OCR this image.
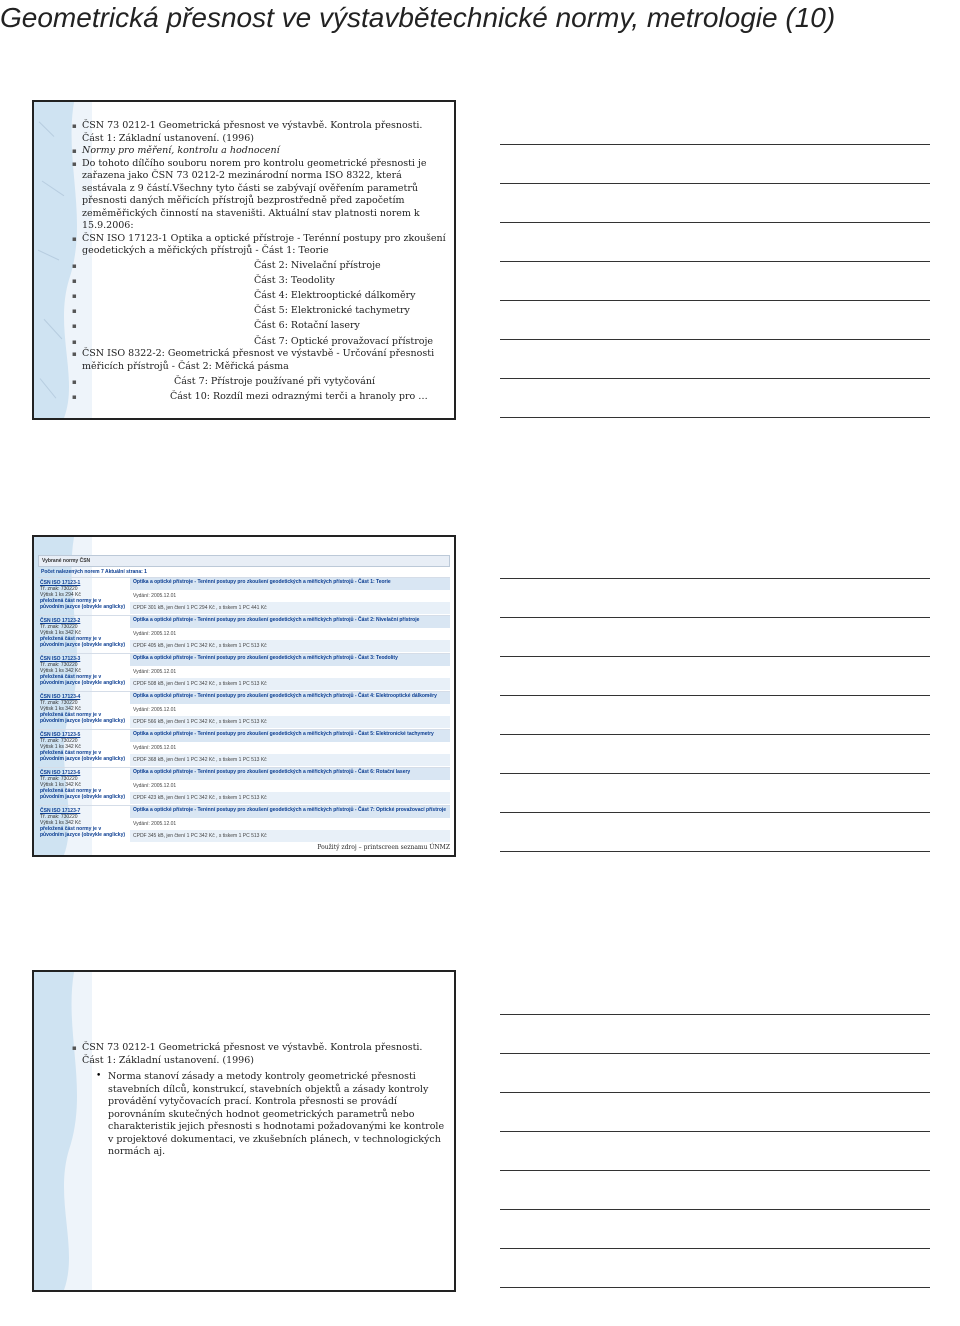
Geometrická přesnost ve výstavbětechnické normy, metrologie (10)
▪ ČSN 73 0212-1 Geometrická přesnost ve výstavbě. Kontrola přesnosti. Část 1: Základní ustanovení. (1996)
▪ Normy pro měření, kontrolu a hodnocení
▪ Do tohoto dílčího souboru norem pro kontrolu geometrické přesnosti je zařazena jako ČSN 73 0212-2 mezinárodní norma ISO 8322, která sestávala z 9 částí.Všechny tyto části se zabývají ověřením parametrů přesnosti daných měřicích přístrojů bezprostředně před započetím zeměměřických činností na staveništi. Aktuální stav platnosti norem k 15.9.2006:
▪ ČSN ISO 17123-1 Optika a optické přístroje - Terénní postupy pro zkoušení geodetických a měřických přístrojů - Část 1: Teorie
▪ Část 2: Nivelační přístroje
▪ Část 3: Teodolity
▪ Část 4: Elektrooptické dálkoměry
▪ Část 5: Elektronické tachymetry
▪ Část 6: Rotační lasery
▪ Část 7: Optické provažovací přístroje
▪ ČSN ISO 8322-2: Geometrická přesnost ve výstavbě - Určování přesnosti měřicích přístrojů - Část 2: Měřická pásma
▪ Část 7: Přístroje používané při vytyčování
▪ Část 10: Rozdíl mezi odraznými terči a hranoly pro …
Vybrané normy ČSN
Počet nalezených norem 7 Aktuální strana: 1
ČSN ISO 17123-1
Tř. znak: 730220
Výtisk 1 ks 294 Kč
přeložená část normy je v původním jazyce (obvykle anglicky)
Optika a optické přístroje - Terénní postupy pro zkoušení geodetických a měřických přístrojů - Část 1: Teorie
Vydání: 2005.12.01
CPDF 301 kB, jen čtení 1 PC 294 Kč , s tiskem 1 PC 441 Kč
ČSN ISO 17123-2
Tř. znak: 730220
Výtisk 1 ks 342 Kč
přeložená část normy je v původním jazyce (obvykle anglicky)
Optika a optické přístroje - Terénní postupy pro zkoušení geodetických a měřických přístrojů - Část 2: Nivelační přístroje
Vydání: 2005.12.01
CPDF 405 kB, jen čtení 1 PC 342 Kč , s tiskem 1 PC 513 Kč
ČSN ISO 17123-3
Tř. znak: 730220
Výtisk 1 ks 342 Kč
přeložená část normy je v původním jazyce (obvykle anglicky)
Optika a optické přístroje - Terénní postupy pro zkoušení geodetických a měřických přístrojů - Část 3: Teodolity
Vydání: 2005.12.01
CPDF 508 kB, jen čtení 1 PC 342 Kč , s tiskem 1 PC 513 Kč
ČSN ISO 17123-4
Tř. znak: 730220
Výtisk 1 ks 342 Kč
přeložená část normy je v původním jazyce (obvykle anglicky)
Optika a optické přístroje - Terénní postupy pro zkoušení geodetických a měřických přístrojů - Část 4: Elektrooptické dálkoměry
Vydání: 2005.12.01
CPDF 566 kB, jen čtení 1 PC 342 Kč , s tiskem 1 PC 513 Kč
ČSN ISO 17123-5
Tř. znak: 730220
Výtisk 1 ks 342 Kč
přeložená část normy je v původním jazyce (obvykle anglicky)
Optika a optické přístroje - Terénní postupy pro zkoušení geodetických a měřických přístrojů - Část 5: Elektronické tachymetry
Vydání: 2005.12.01
CPDF 368 kB, jen čtení 1 PC 342 Kč , s tiskem 1 PC 513 Kč
ČSN ISO 17123-6
Tř. znak: 730220
Výtisk 1 ks 342 Kč
přeložená část normy je v původním jazyce (obvykle anglicky)
Optika a optické přístroje - Terénní postupy pro zkoušení geodetických a měřických přístrojů - Část 6: Rotační lasery
Vydání: 2005.12.01
CPDF 423 kB, jen čtení 1 PC 342 Kč , s tiskem 1 PC 513 Kč
ČSN ISO 17123-7
Tř. znak: 730220
Výtisk 1 ks 342 Kč
přeložená část normy je v původním jazyce (obvykle anglicky)
Optika a optické přístroje - Terénní postupy pro zkoušení geodetických a měřických přístrojů - Část 7: Optické provažovací přístroje
Vydání: 2005.12.01
CPDF 345 kB, jen čtení 1 PC 342 Kč , s tiskem 1 PC 513 Kč
Použitý zdroj – printscreen seznamu ÚNMZ
▪ ČSN 73 0212-1 Geometrická přesnost ve výstavbě. Kontrola přesnosti. Část 1: Základní ustanovení. (1996)
• Norma stanoví zásady a metody kontroly geometrické přesnosti stavebních dílců, konstrukcí, stavebních objektů a zásady kontroly provádění vytyčovacích prací. Kontrola přesnosti se provádí porovnáním skutečných hodnot geometrických parametrů nebo charakteristik jejich přesnosti s hodnotami požadovanými ke kontrole v projektové dokumentaci, ve zkušebních plánech, v technologických normách aj.
